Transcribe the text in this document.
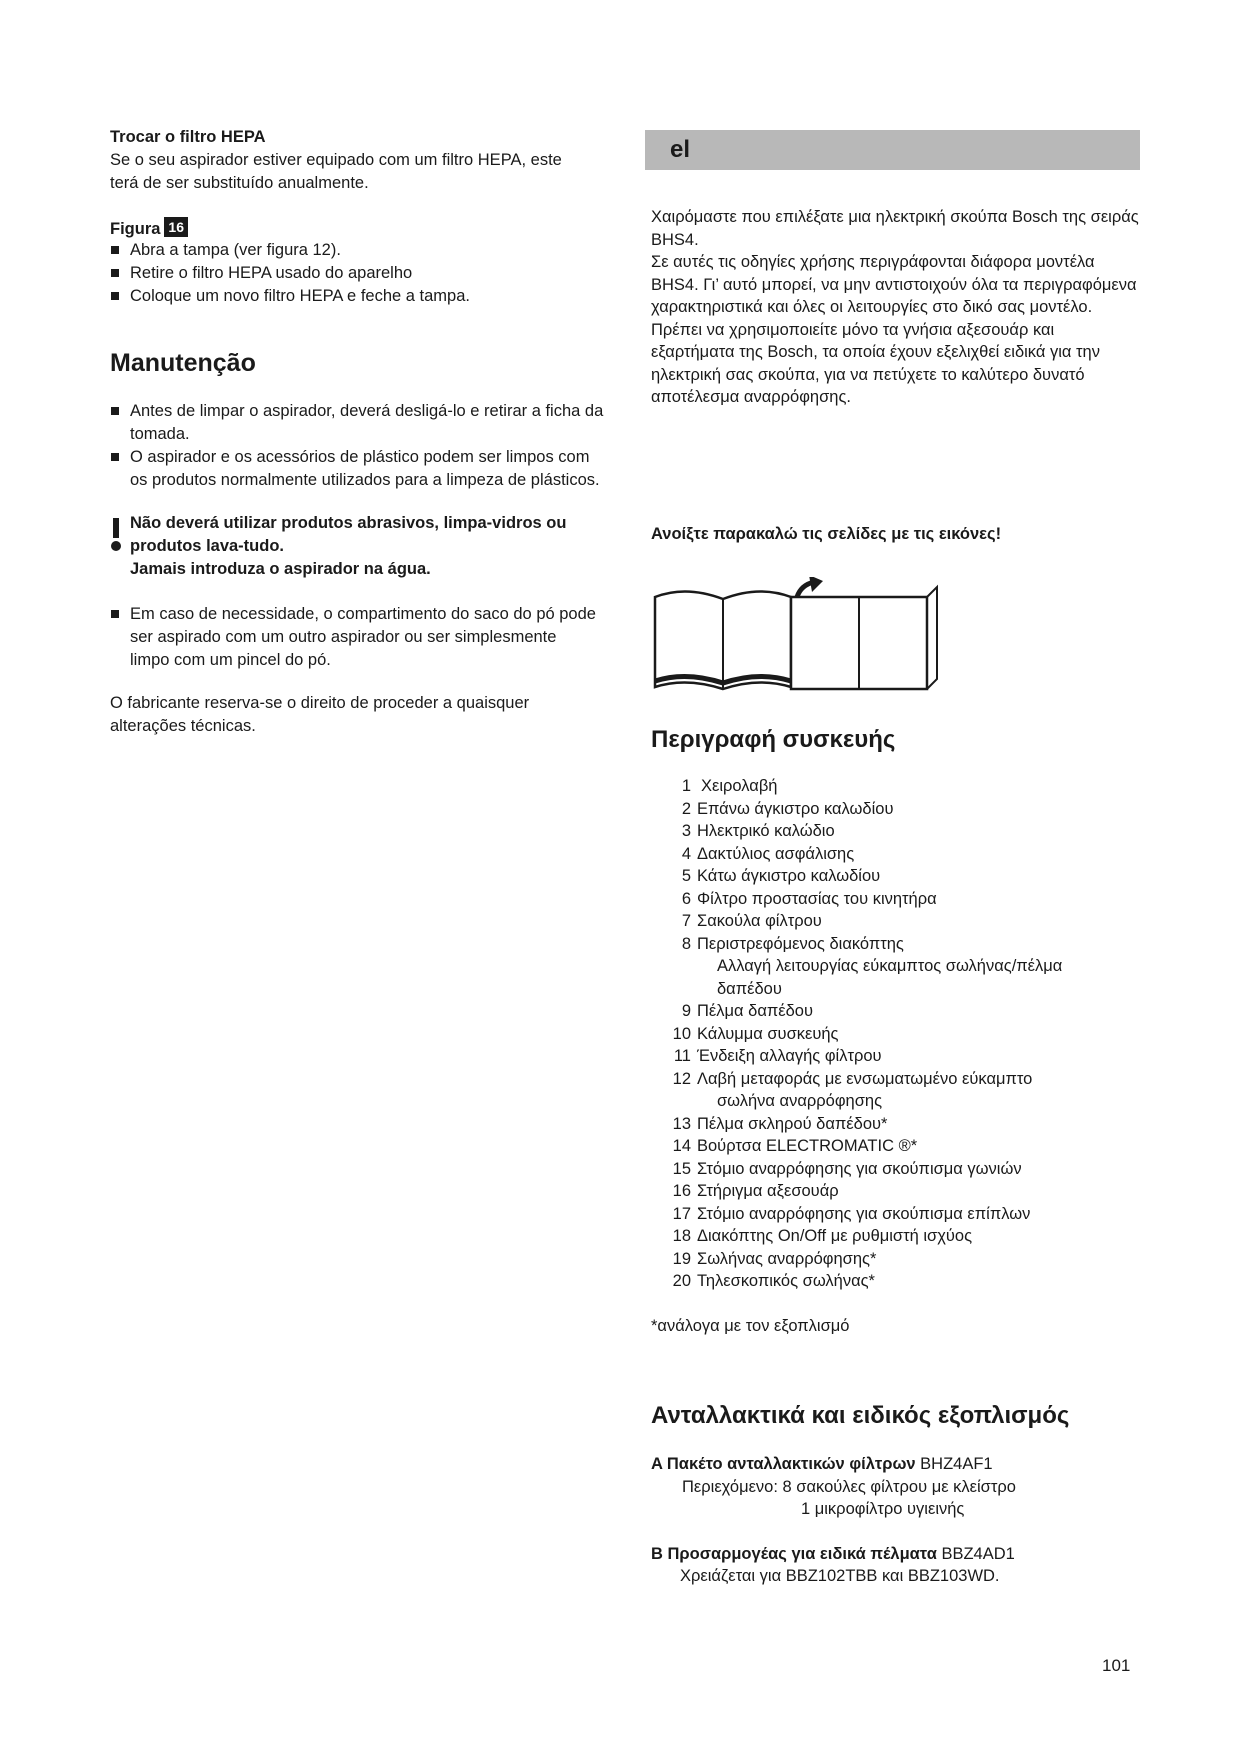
Trocar o filtro HEPA

Se o seu aspirador estiver equipado com um filtro HEPA, este terá de ser substituído anualmente.

Figura 16

Abra a tampa (ver figura 12).
Retire o filtro HEPA usado do aparelho
Coloque um novo filtro HEPA e feche a tampa.

Manutenção

Antes de limpar o aspirador, deverá desligá-lo e retirar a ficha da tomada.
O aspirador e os acessórios de plástico podem ser limpos com os produtos normalmente utilizados para a limpeza de plásticos.

Não deverá utilizar produtos abrasivos, limpa-vidros ou produtos lava-tudo.

Jamais introduza o aspirador na água.

Em caso de necessidade, o compartimento do saco do pó pode ser aspirado com um outro aspirador ou ser simplesmente limpo com um pincel do pó.

O fabricante reserva-se o direito de proceder a quaisquer alterações técnicas.

el

Χαιρόμαστε που επιλέξατε μια ηλεκτρική σκούπα Bosch της σειράς BHS4.

Σε αυτές τις οδηγίες χρήσης περιγράφονται διάφορα μοντέλα BHS4. Γι’ αυτό μπορεί, να μην αντιστοιχούν όλα τα περιγραφόμενα χαρακτηριστικά και όλες οι λειτουργίες στο δικό σας μοντέλο.

Πρέπει να χρησιμοποιείτε μόνο τα γνήσια αξεσουάρ και εξαρτήματα της Bosch, τα οποία έχουν εξελιχθεί ειδικά για την ηλεκτρική σας σκούπα, για να πετύχετε το καλύτερο δυνατό αποτέλεσμα αναρρόφησης.

Ανοίξτε παρακαλώ τις σελίδες με τις εικόνες!

Περιγραφή συσκευής

1 Χειρολαβή
2 Επάνω άγκιστρο καλωδίου
3 Ηλεκτρικό καλώδιο
4 Δακτύλιος ασφάλισης
5 Κάτω άγκιστρο καλωδίου
6 Φίλτρο προστασίας του κινητήρα
7 Σακούλα φίλτρου
8 Περιστρεφόμενος διακόπτης
Αλλαγή λειτουργίας εύκαμπτος σωλήνας/πέλμα δαπέδου
9 Πέλμα δαπέδου
10 Κάλυμμα συσκευής
11 Ένδειξη αλλαγής φίλτρου
12 Λαβή μεταφοράς με ενσωματωμένο εύκαμπτο
σωλήνα αναρρόφησης
13 Πέλμα σκληρού δαπέδου*
14 Βούρτσα ELECTROMATIC ®*
15 Στόμιο αναρρόφησης για σκούπισμα γωνιών
16 Στήριγμα αξεσουάρ
17 Στόμιο αναρρόφησης για σκούπισμα επίπλων
18 Διακόπτης On/Off με ρυθμιστή ισχύος
19 Σωλήνας αναρρόφησης*
20 Τηλεσκοπικός σωλήνας*

*ανάλογα με τον εξοπλισμό

Ανταλλακτικά και ειδικός εξοπλισμός

A Πακέτο ανταλλακτικών φίλτρων BHZ4AF1

Περιεχόμενο: 8 σακούλες φίλτρου με κλείστρο

1 μικροφίλτρο υγιεινής

B Προσαρμογέας για ειδικά πέλματα BBZ4AD1

Χρειάζεται για BBZ102TBB και BBZ103WD.

101
